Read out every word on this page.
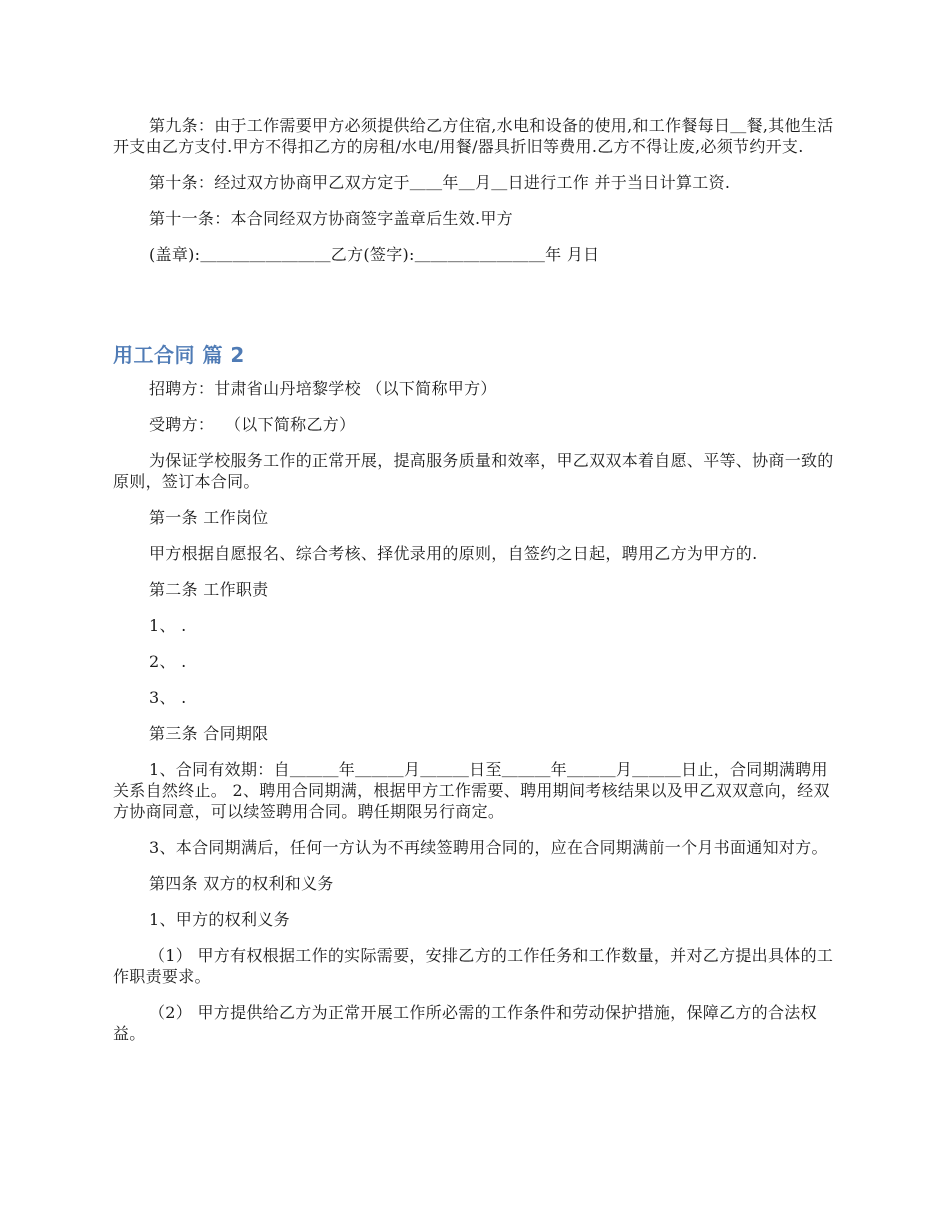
第九条：由于工作需要甲方必须提供给乙方住宿,水电和设备的使用,和工作餐每日＿餐,其他生活开支由乙方支付.甲方不得扣乙方的房租/水电/用餐/器具折旧等费用.乙方不得让废,必须节约开支.

第十条：经过双方协商甲乙双方定于＿＿年＿月＿日进行工作 并于当日计算工资.

第十一条：本合同经双方协商签字盖章后生效.甲方

(盖章):＿＿＿＿＿＿＿＿乙方(签字):＿＿＿＿＿＿＿＿年 月日

用工合同 篇 2

招聘方：甘肃省山丹培黎学校 （以下简称甲方）

受聘方：  （以下简称乙方）

为保证学校服务工作的正常开展，提高服务质量和效率，甲乙双双本着自愿、平等、协商一致的原则，签订本合同。

第一条 工作岗位

甲方根据自愿报名、综合考核、择优录用的原则，自签约之日起，聘用乙方为甲方的.

第二条 工作职责

1、 .

2、 .

3、 .

第三条 合同期限

1、合同有效期：自＿＿＿年＿＿＿月＿＿＿日至＿＿＿年＿＿＿月＿＿＿日止，合同期满聘用关系自然终止。 2、聘用合同期满，根据甲方工作需要、聘用期间考核结果以及甲乙双双意向，经双方协商同意，可以续签聘用合同。聘任期限另行商定。

3、本合同期满后，任何一方认为不再续签聘用合同的，应在合同期满前一个月书面通知对方。

第四条 双方的权利和义务

1、甲方的权利义务

（1） 甲方有权根据工作的实际需要，安排乙方的工作任务和工作数量，并对乙方提出具体的工作职责要求。

（2） 甲方提供给乙方为正常开展工作所必需的工作条件和劳动保护措施，保障乙方的合法权益。
